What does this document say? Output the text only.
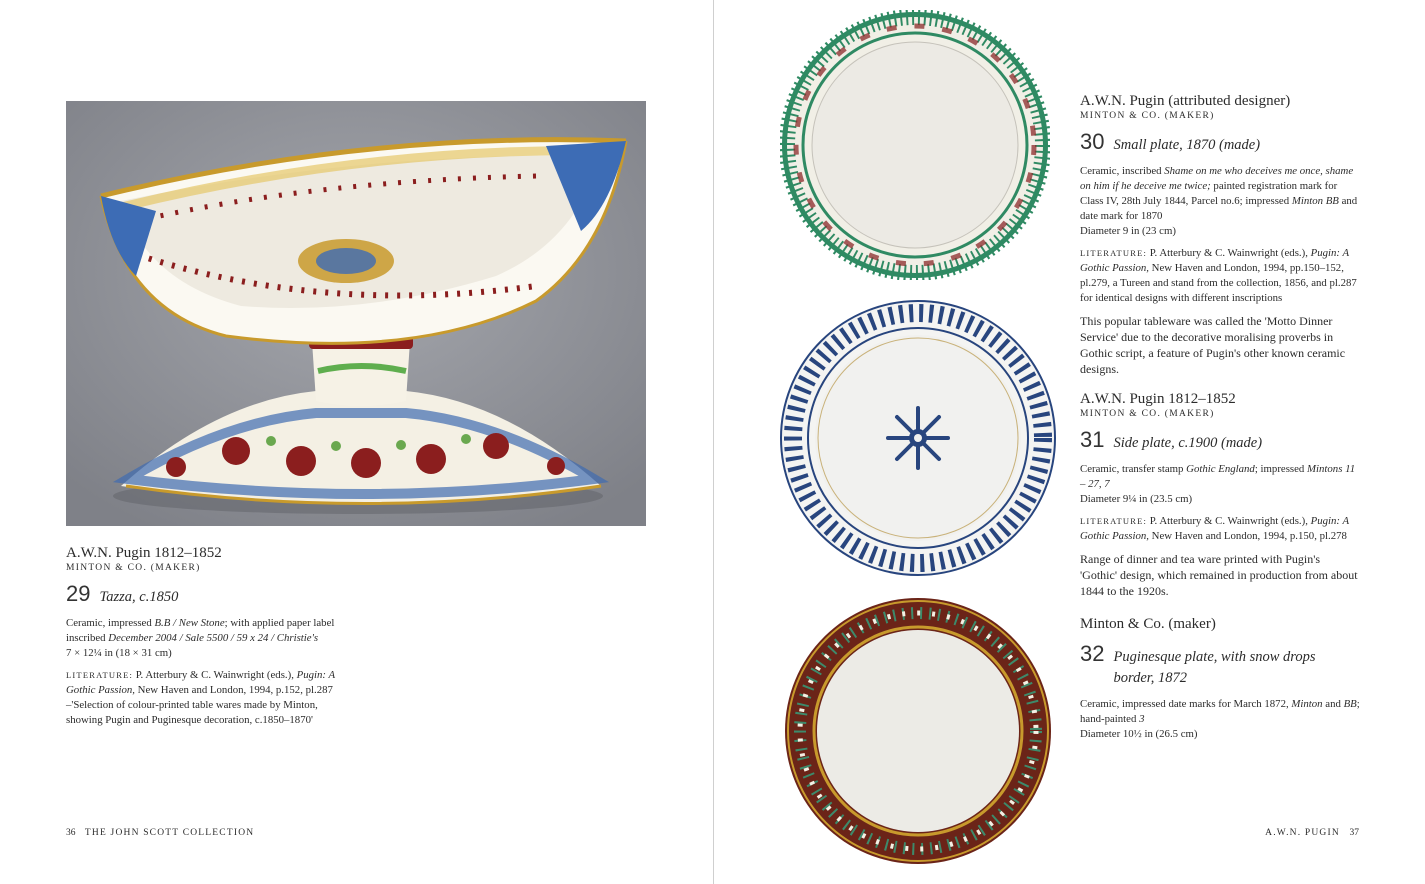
A.W.N. Pugin 1812–1852
MINTON & CO. (MAKER)
29 Tazza, c.1850

Ceramic, impressed B.B / New Stone; with applied paper label inscribed December 2004 / Sale 5500 / 59 x 24 / Christie's
7 × 12¼ in (18 × 31 cm)

LITERATURE: P. Atterbury & C. Wainwright (eds.), Pugin: A Gothic Passion, New Haven and London, 1994, p.152, pl.287 –'Selection of colour-printed table wares made by Minton, showing Pugin and Puginesque decoration, c.1850–1870'

36 THE JOHN SCOTT COLLECTION
A.W.N. Pugin (attributed designer)
MINTON & CO. (MAKER)
30 Small plate, 1870 (made)

Ceramic, inscribed Shame on me who deceives me once, shame on him if he deceive me twice; painted registration mark for Class IV, 28th July 1844, Parcel no.6; impressed Minton BB and date mark for 1870
Diameter 9 in (23 cm)

LITERATURE: P. Atterbury & C. Wainwright (eds.), Pugin: A Gothic Passion, New Haven and London, 1994, pp.150–152, pl.279, a Tureen and stand from the collection, 1856, and pl.287 for identical designs with different inscriptions

This popular tableware was called the 'Motto Dinner Service' due to the decorative moralising proverbs in Gothic script, a feature of Pugin's other known ceramic designs.

A.W.N. Pugin 1812–1852
MINTON & CO. (MAKER)
31 Side plate, c.1900 (made)

Ceramic, transfer stamp Gothic England; impressed Mintons 11 – 27, 7
Diameter 9¼ in (23.5 cm)

LITERATURE: P. Atterbury & C. Wainwright (eds.), Pugin: A Gothic Passion, New Haven and London, 1994, p.150, pl.278

Range of dinner and tea ware printed with Pugin's 'Gothic' design, which remained in production from about 1844 to the 1920s.

Minton & Co. (maker)
32 Puginesque plate, with snow drops border, 1872

Ceramic, impressed date marks for March 1872, Minton and BB; hand-painted 3
Diameter 10½ in (26.5 cm)

A.W.N. PUGIN 37
